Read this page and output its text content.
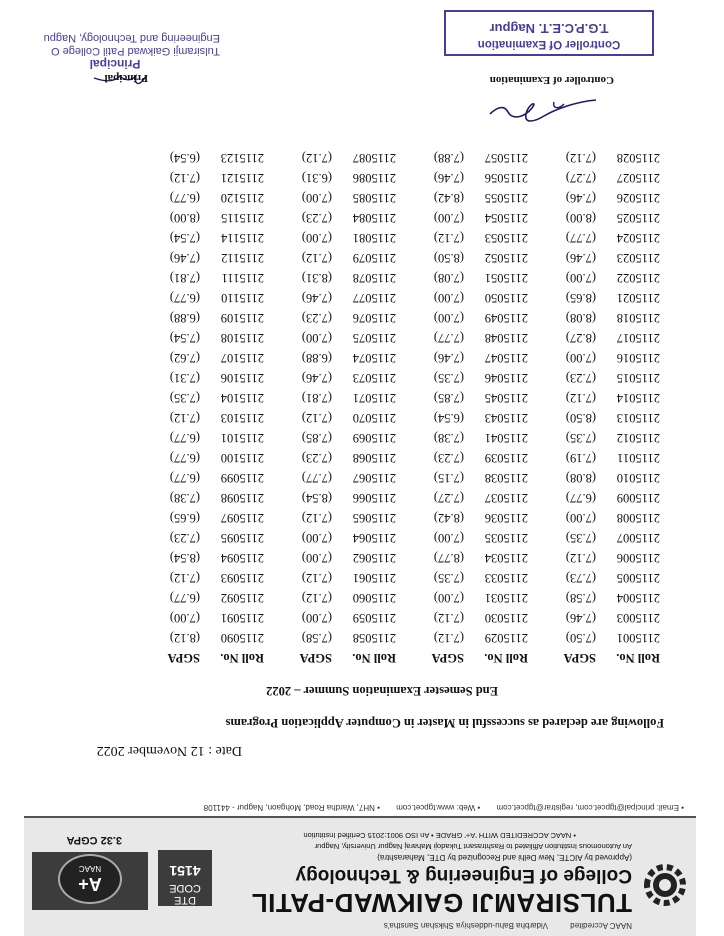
NAAC Accredited Vidarbha Bahu-uddeshiya Shikshan Sanstha's
TULSIRAMJI GAIKWAD-PATIL
College of Engineering & Technology
(Approved by AICTE, New Delhi and Recognized by DTE, Maharashtra)
An Autonomous Institution Affiliated to Rashtrasant Tukadoji Maharaj Nagpur University, Nagpur
• NAAC ACCREDITED WITH 'A+' GRADE • An ISO 9001:2015 Certified Institution
DTE
CODE
4151
A+
NAAC
3.32 CGPA
• Email: principal@tgpcet.com, registrar@tgpcet.com • Web: www.tgpcet.com • NH7, Wardha Road, Mohgaon, Nagpur - 441108
Date : 12 November 2022
Following are declared as successful in Master in Computer Application Programs
End Semester Examination Summer – 2022
Roll No.	SGPA	Roll No.	SGPA	Roll No.	SGPA	Roll No.	SGPA
2115001	(7.50)	2115029	(7.12)	2115058	(7.58)	2115090	(8.12)
2115003	(7.46)	2115030	(7.12)	2115059	(7.00)	2115091	(7.00)
2115004	(7.58)	2115031	(7.00)	2115060	(7.12)	2115092	(6.77)
2115005	(7.73)	2115033	(7.35)	2115061	(7.12)	2115093	(7.12)
2115006	(7.12)	2115034	(8.77)	2115062	(7.00)	2115094	(8.54)
2115007	(7.35)	2115035	(7.00)	2115064	(7.00)	2115095	(7.23)
2115008	(7.00)	2115036	(8.42)	2115065	(7.12)	2115097	(6.65)
2115009	(6.77)	2115037	(7.27)	2115066	(8.54)	2115098	(7.38)
2115010	(8.08)	2115038	(7.15)	2115067	(7.77)	2115099	(6.77)
2115011	(7.19)	2115039	(7.23)	2115068	(7.23)	2115100	(6.77)
2115012	(7.35)	2115041	(7.38)	2115069	(7.85)	2115101	(6.77)
2115013	(8.50)	2115043	(6.54)	2115070	(7.12)	2115103	(7.12)
2115014	(7.12)	2115045	(7.85)	2115071	(7.81)	2115104	(7.35)
2115015	(7.23)	2115046	(7.35)	2115073	(7.46)	2115106	(7.31)
2115016	(7.00)	2115047	(7.46)	2115074	(6.88)	2115107	(7.62)
2115017	(8.27)	2115048	(7.77)	2115075	(7.00)	2115108	(7.54)
2115018	(8.08)	2115049	(7.00)	2115076	(7.23)	2115109	(6.88)
2115021	(8.65)	2115050	(7.00)	2115077	(7.46)	2115110	(6.77)
2115022	(7.00)	2115051	(7.08)	2115078	(8.31)	2115111	(7.81)
2115023	(7.46)	2115052	(8.50)	2115079	(7.12)	2115112	(7.46)
2115024	(7.77)	2115053	(7.12)	2115081	(7.00)	2115114	(7.54)
2115025	(8.00)	2115054	(7.00)	2115084	(7.23)	2115115	(8.00)
2115026	(7.46)	2115055	(8.42)	2115085	(7.00)	2115120	(6.77)
2115027	(7.27)	2115056	(7.46)	2115086	(6.31)	2115121	(7.12)
2115028	(7.12)	2115057	(7.88)	2115087	(7.12)	2115123	(6.54)
Controller of Examination
Controller Of Examination
T.G.P.C.E.T. Nagpur
Principal
Principal
Tulsiramji Gaikwad Patil College O
Engineering and Technology, Nagpu
